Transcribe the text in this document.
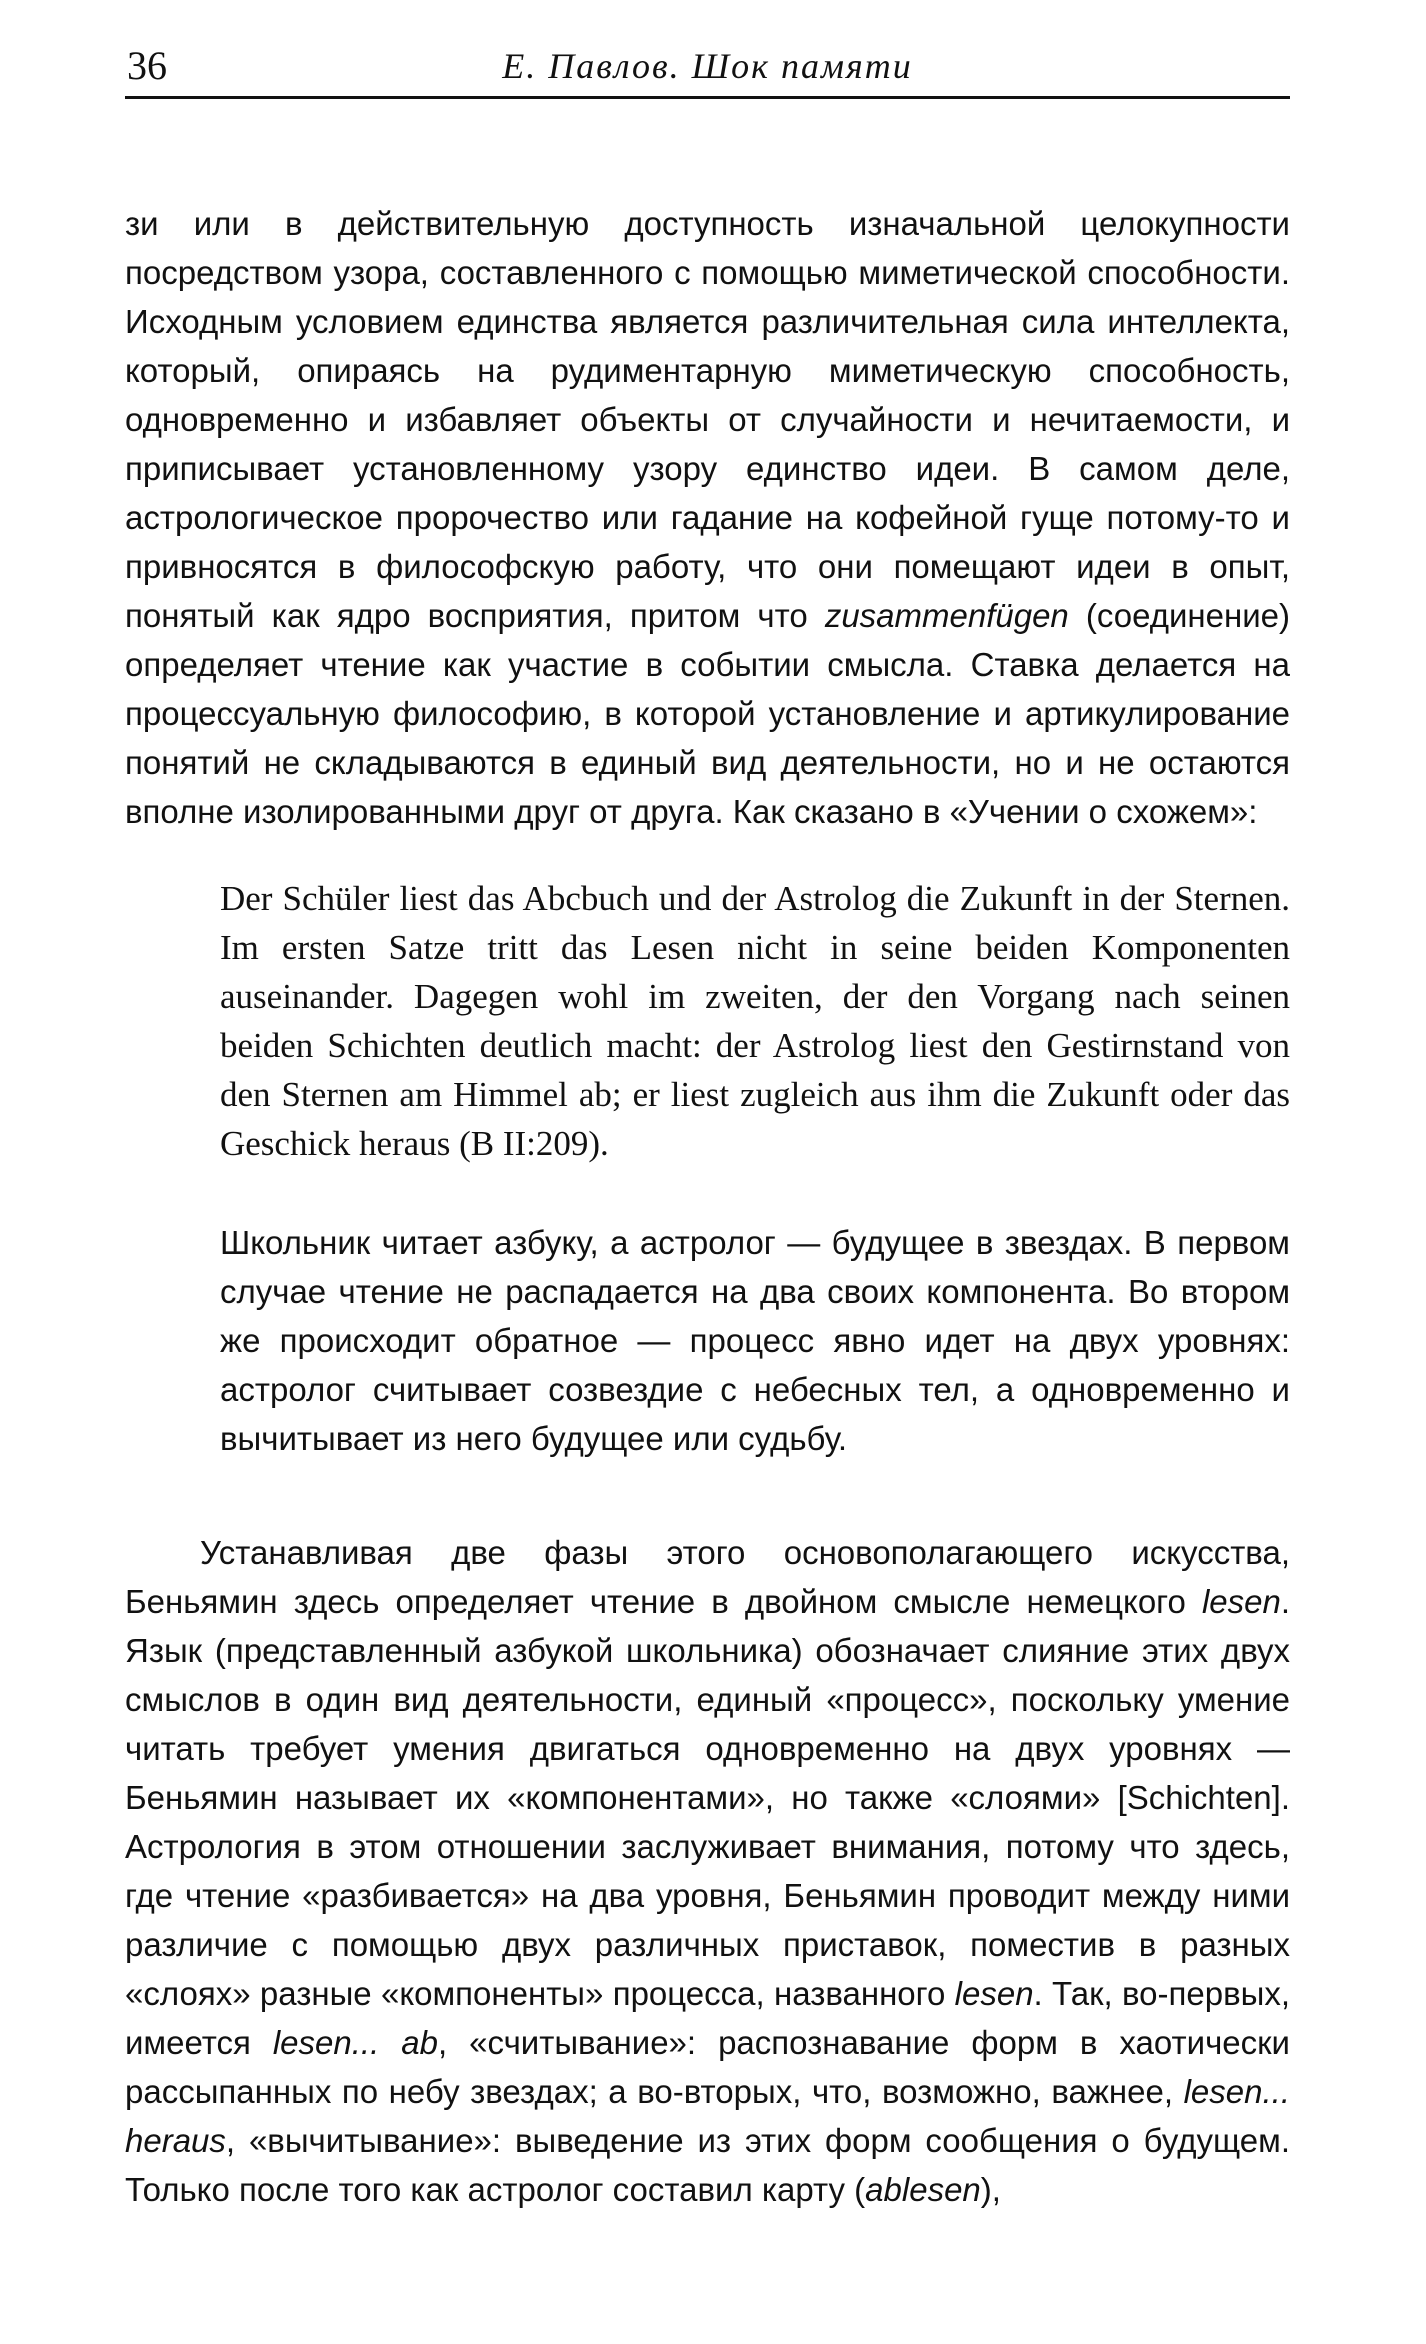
36	Е. Павлов. Шок памяти

зи или в действительную доступность изначальной целокупности посредством узора, составленного с помощью миметической способности. Исходным условием единства является различительная сила интеллекта, который, опираясь на рудиментарную миметическую способность, одновременно и избавляет объекты от случайности и нечитаемости, и приписывает установленному узору единство идеи. В самом деле, астрологическое пророчество или гадание на кофейной гуще потому-то и привносятся в философскую работу, что они помещают идеи в опыт, понятый как ядро восприятия, притом что zusammenfügen (соединение) определяет чтение как участие в событии смысла. Ставка делается на процессуальную философию, в которой установление и артикулирование понятий не складываются в единый вид деятельности, но и не остаются вполне изолированными друг от друга. Как сказано в «Учении о схожем»:

Der Schüler liest das Abcbuch und der Astrolog die Zukunft in der Sternen. Im ersten Satze tritt das Lesen nicht in seine beiden Komponenten auseinander. Dagegen wohl im zweiten, der den Vorgang nach seinen beiden Schichten deutlich macht: der Astrolog liest den Gestirnstand von den Sternen am Himmel ab; er liest zugleich aus ihm die Zukunft oder das Geschick heraus (B II:209).

Школьник читает азбуку, а астролог — будущее в звездах. В первом случае чтение не распадается на два своих компонента. Во втором же происходит обратное — процесс явно идет на двух уровнях: астролог считывает созвездие с небесных тел, а одновременно и вычитывает из него будущее или судьбу.

Устанавливая две фазы этого основополагающего искусства, Беньямин здесь определяет чтение в двойном смысле немецкого lesen. Язык (представленный азбукой школьника) обозначает слияние этих двух смыслов в один вид деятельности, единый «процесс», поскольку умение читать требует умения двигаться одновременно на двух уровнях — Беньямин называет их «компонентами», но также «слоями» [Schichten]. Астрология в этом отношении заслуживает внимания, потому что здесь, где чтение «разбивается» на два уровня, Беньямин проводит между ними различие с помощью двух различных приставок, поместив в разных «слоях» разные «компоненты» процесса, названного lesen. Так, во-первых, имеется lesen... ab, «считывание»: распознавание форм в хаотически рассыпанных по небу звездах; а во-вторых, что, возможно, важнее, lesen... heraus, «вычитывание»: выведение из этих форм сообщения о будущем. Только после того как астролог составил карту (ablesen),
